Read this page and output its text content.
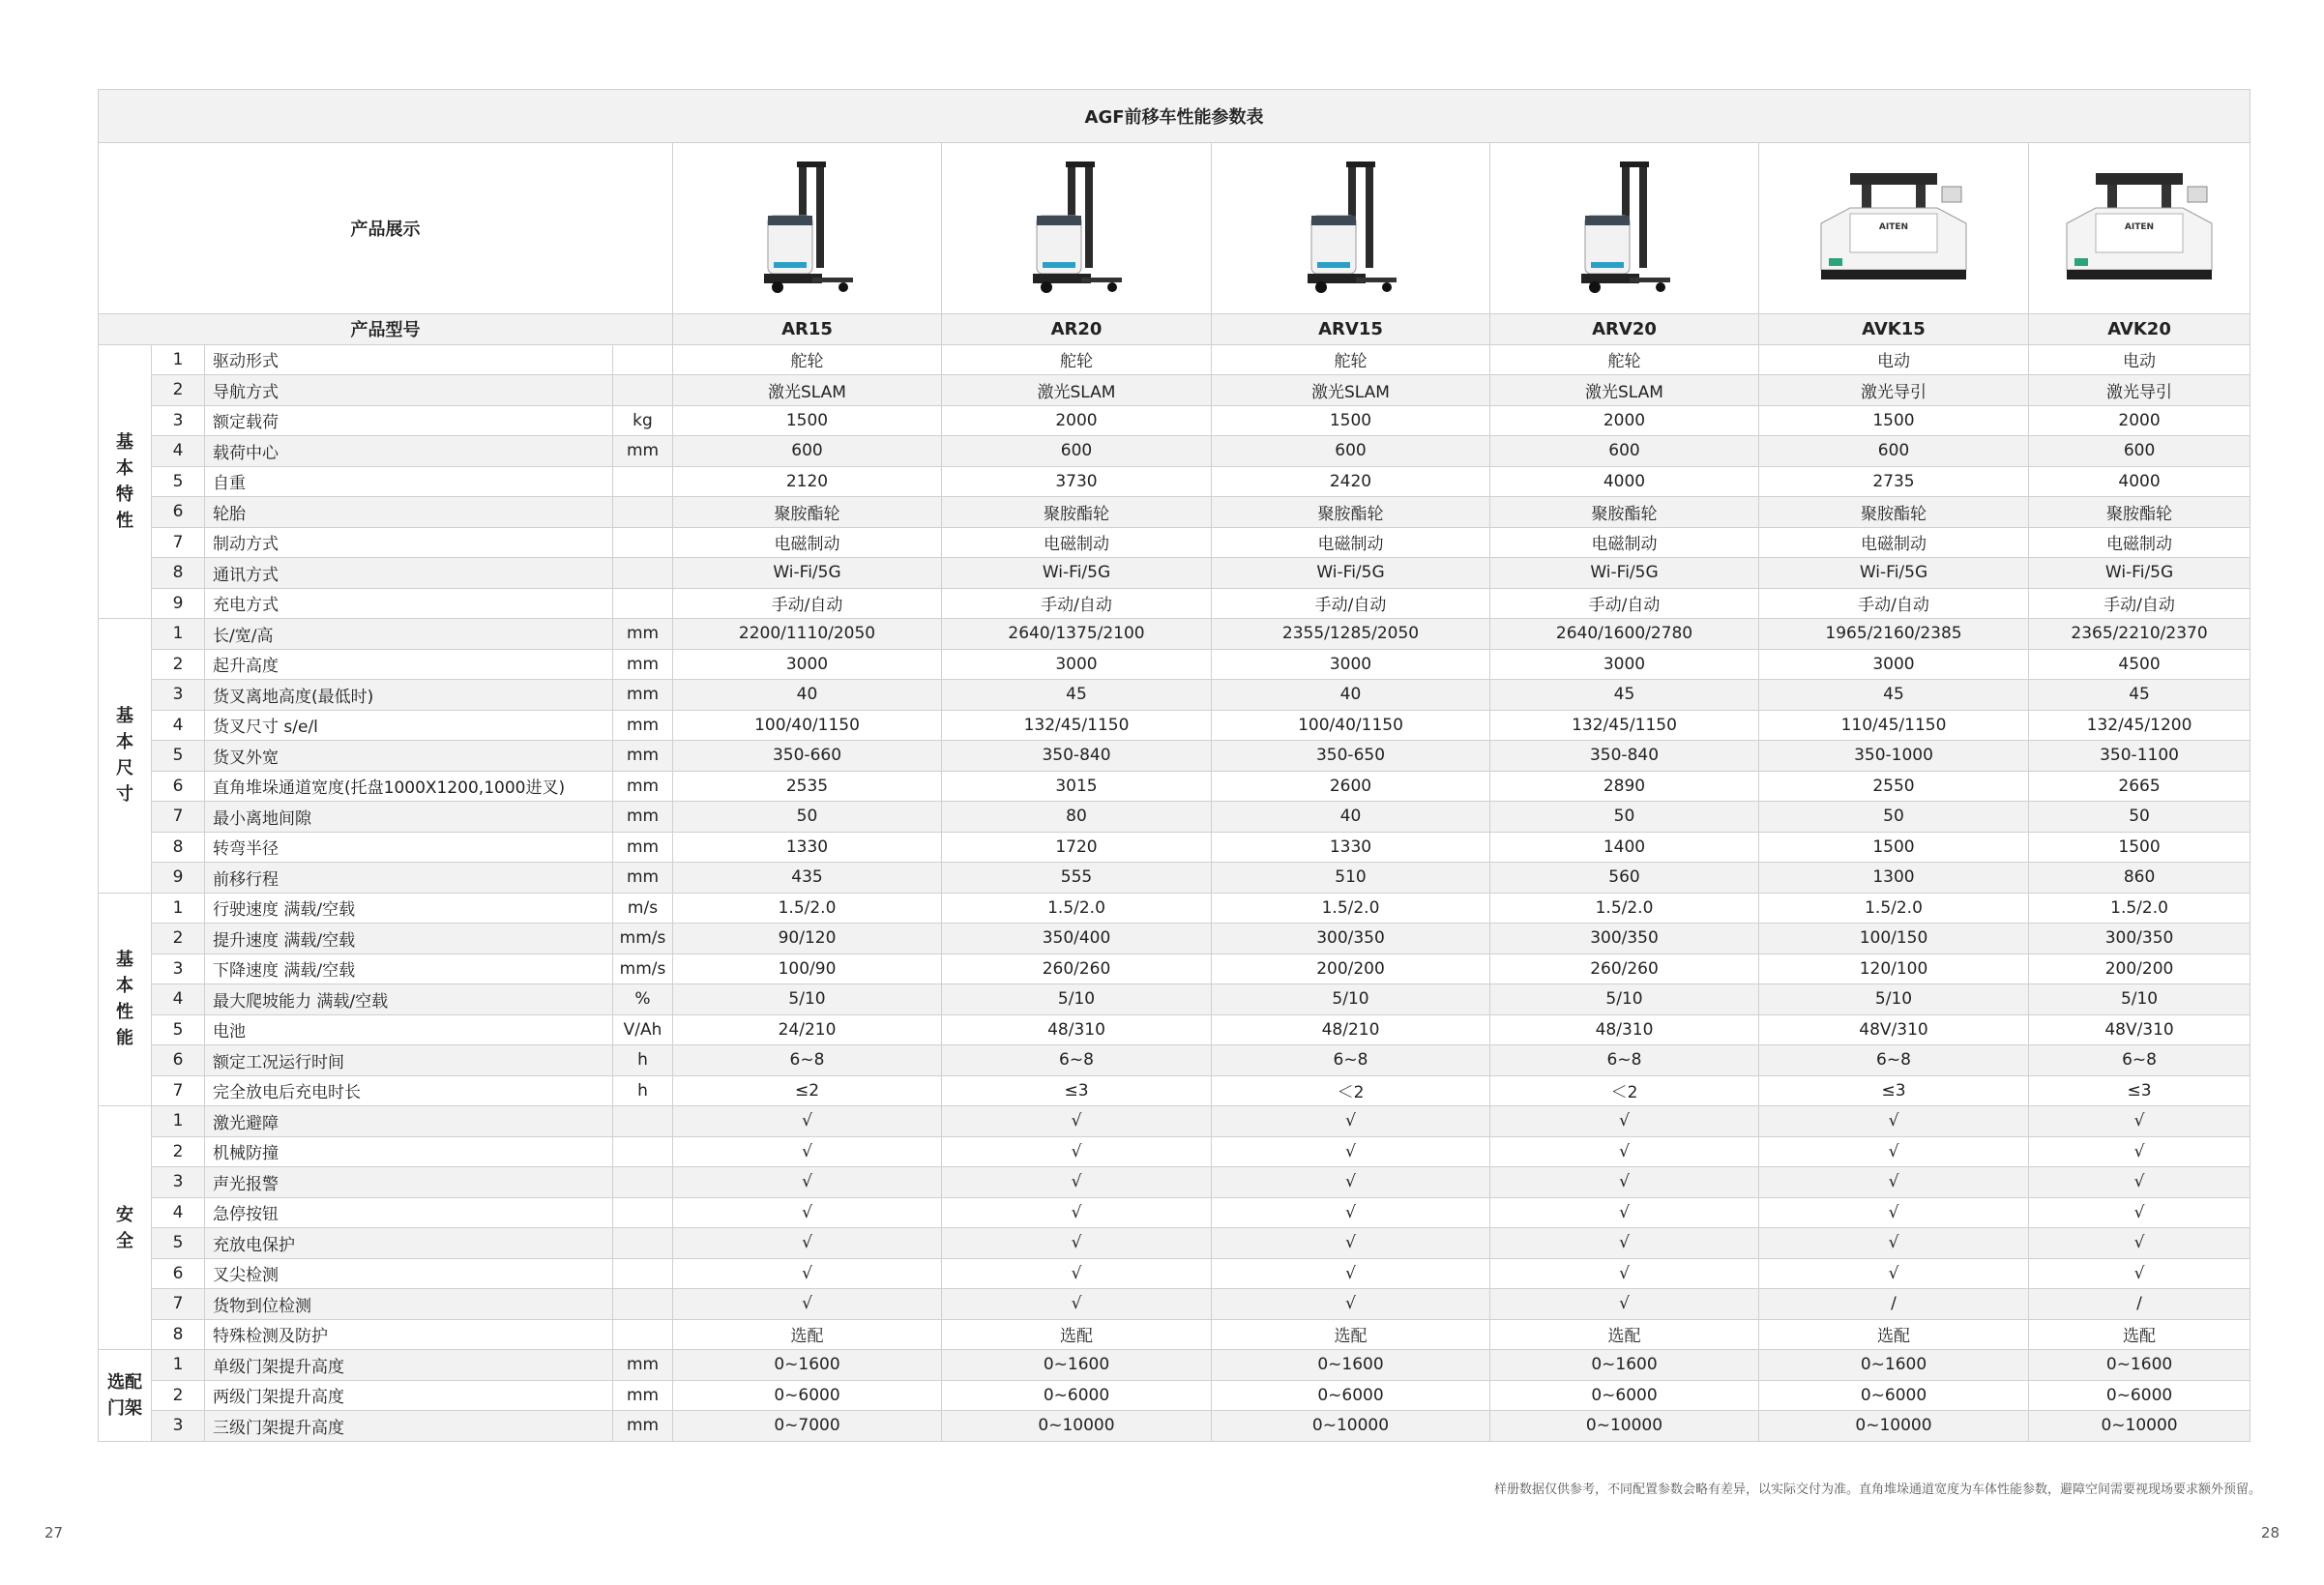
AGF前移车性能参数表									
产品展示								AITEN	AITEN

产品型号				AR15	AR20	ARV15	ARV20	AVK15	AVK20
基本特性	1	驱动形式		舵轮	舵轮	舵轮	舵轮	电动	电动
	2	导航方式		激光SLAM	激光SLAM	激光SLAM	激光SLAM	激光导引	激光导引
	3	额定载荷	kg	1500	2000	1500	2000	1500	2000
	4	载荷中心	mm	600	600	600	600	600	600
	5	自重		2120	3730	2420	4000	2735	4000
	6	轮胎		聚胺酯轮	聚胺酯轮	聚胺酯轮	聚胺酯轮	聚胺酯轮	聚胺酯轮
	7	制动方式		电磁制动	电磁制动	电磁制动	电磁制动	电磁制动	电磁制动
	8	通讯方式		Wi-Fi/5G	Wi-Fi/5G	Wi-Fi/5G	Wi-Fi/5G	Wi-Fi/5G	Wi-Fi/5G
	9	充电方式		手动/自动	手动/自动	手动/自动	手动/自动	手动/自动	手动/自动
基本尺寸	1	长/宽/高	mm	2200/1110/2050	2640/1375/2100	2355/1285/2050	2640/1600/2780	1965/2160/2385	2365/2210/2370
	2	起升高度	mm	3000	3000	3000	3000	3000	4500
	3	货叉离地高度(最低时)	mm	40	45	40	45	45	45
	4	货叉尺寸 s/e/l	mm	100/40/1150	132/45/1150	100/40/1150	132/45/1150	110/45/1150	132/45/1200
	5	货叉外宽	mm	350-660	350-840	350-650	350-840	350-1000	350-1100
	6	直角堆垛通道宽度(托盘1000X1200,1000进叉)	mm	2535	3015	2600	2890	2550	2665
	7	最小离地间隙	mm	50	80	40	50	50	50
	8	转弯半径	mm	1330	1720	1330	1400	1500	1500
	9	前移行程	mm	435	555	510	560	1300	860
基本性能	1	行驶速度 满载/空载	m/s	1.5/2.0	1.5/2.0	1.5/2.0	1.5/2.0	1.5/2.0	1.5/2.0
	2	提升速度 满载/空载	mm/s	90/120	350/400	300/350	300/350	100/150	300/350
	3	下降速度 满载/空载	mm/s	100/90	260/260	200/200	260/260	120/100	200/200
	4	最大爬坡能力 满载/空载	%	5/10	5/10	5/10	5/10	5/10	5/10
	5	电池	V/Ah	24/210	48/310	48/210	48/310	48V/310	48V/310
	6	额定工况运行时间	h	6~8	6~8	6~8	6~8	6~8	6~8
	7	完全放电后充电时长	h	≤2	≤3	＜2	＜2	≤3	≤3
安全	1	激光避障		√	√	√	√	√	√
	2	机械防撞		√	√	√	√	√	√
	3	声光报警		√	√	√	√	√	√
	4	急停按钮		√	√	√	√	√	√
	5	充放电保护		√	√	√	√	√	√
	6	叉尖检测		√	√	√	√	√	√
	7	货物到位检测		√	√	√	√	/	/
	8	特殊检测及防护		选配	选配	选配	选配	选配	选配
选配门架	1	单级门架提升高度	mm	0~1600	0~1600	0~1600	0~1600	0~1600	0~1600
	2	两级门架提升高度	mm	0~6000	0~6000	0~6000	0~6000	0~6000	0~6000
	3	三级门架提升高度	mm	0~7000	0~10000	0~10000	0~10000	0~10000	0~10000
样册数据仅供参考，不同配置参数会略有差异，以实际交付为准。直角堆垛通道宽度为车体性能参数，避障空间需要视现场要求额外预留。
27	28
